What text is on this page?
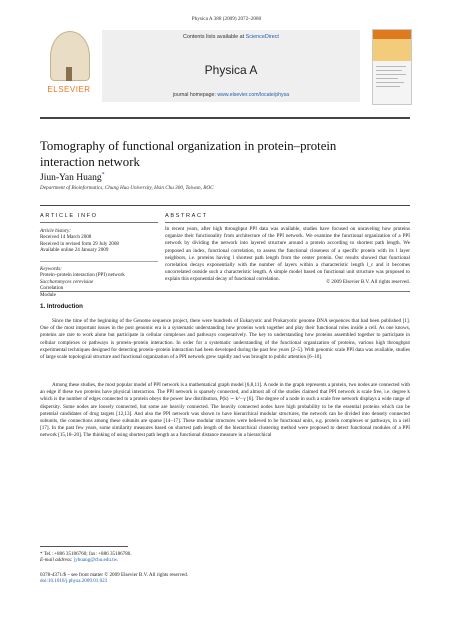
Physica A 388 (2009) 2072–2080
ELSEVIER
Contents lists available at ScienceDirect
Physica A
journal homepage: www.elsevier.com/locate/physa
Tomography of functional organization in protein–protein interaction network
Jiun-Yan Huang*
Department of Bioinformatics, Chung Hua University, Hsin Chu 300, Taiwan, ROC
ARTICLE INFO	ABSTRACT
Article history:
Received 14 March 2008
Received in revised form 29 July 2008
Available online 24 January 2009
Keywords:
Protein–protein interaction (PPI) network
Saccharomyces cerevisiae
Correlation
Module
In recent years, after high throughput PPI data was available, studies have focused on unraveling how proteins organize their functionality from architecture of the PPI network. We examine the functional organization of a PPI network by dividing the network into layered structure around a protein according to shortest path length. We proposed an index, functional correlation, to assess the functional closeness of a specific protein with its l layer neighbors, i.e. proteins having l shortest path length from the center protein. Our results showed that functional correlation decays exponentially with the number of layers within a characteristic length l_c and it becomes uncorrelated outside such a characteristic length. A simple model based on functional unit structure was proposed to explain this exponential decay of functional correlation.	© 2009 Elsevier B.V. All rights reserved.
1. Introduction

Since the time of the beginning of the Genome sequence project, there were hundreds of Eukaryotic and Prokaryotic genome DNA sequences that had been published [1]. One of the most important issues in the post genomic era is a systematic understanding how proteins work together and play their functional roles inside a cell. As one knows, proteins are rare to work alone but participate in cellular complexes and pathways cooperatively. The key to understanding how proteins assembled together to participate in cellular complexes or pathways is protein–protein interaction. In order for a systematic understanding of the functional organization of proteins, various high throughput experimental techniques designed for detecting protein–protein interaction had been developed during the past few years [2–5]. With genomic scale PPI data was available, studies of large scale topological structure and functional organization of a PPI network grew rapidly and was brought to public attention [6–10].

Among these studies, the most popular model of PPI network is a mathematical graph model [6,8,11]. A node in the graph represents a protein, two nodes are connected with an edge if these two proteins have physical interaction. The PPI network is sparsely connected, and almost all of the studies claimed that PPI network is scale free, i.e. degree k which is the number of edges connected to a protein obeys the power law distribution, P(k) ∼ k^−γ [6]. The degree of a node in such a scale free network displays a wide range of dispersity. Some nodes are loosely connected, but some are heavily connected. The heavily connected nodes have high probability to be the essential proteins which can be potential candidates of drug targets [12,13]. And also the PPI network was shown to have hierarchical modular structures, the network can be divided into densely connected subunits, the connections among these subunits are sparse [14–17]. These modular structures were believed to be functional units, e.g. protein complexes or pathways, in a cell [17]. In the past few years, some similarity measures based on shortest path length of the hierarchical clustering method were proposed to detect functional modules of a PPI network [15,18–20]. The thinking of using shortest path length as a functional distance measure in a hierarchical

* Tel.: +886 35186760; fax: +886 35186780.
E-mail address: jyhuang@chu.edu.tw.
0378-4371/$ – see front matter © 2009 Elsevier B.V. All rights reserved.
doi:10.1016/j.physa.2009.01.023
